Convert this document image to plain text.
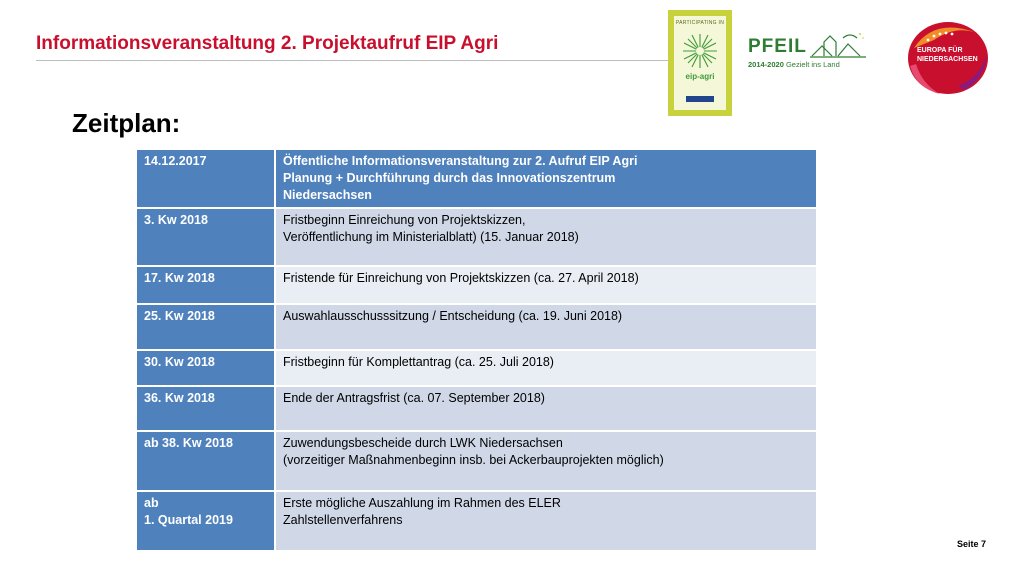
Informationsveranstaltung 2. Projektaufruf EIP Agri
PARTICIPATING IN
eip-agri
PFEIL
2014-2020 Gezielt ins Land
EUROPA FÜR
NIEDERSACHSEN
Zeitplan:
14.12.2017	Öffentliche Informationsveranstaltung zur 2. Aufruf EIP Agri
Planung + Durchführung durch das Innovationszentrum
Niedersachsen

3. Kw 2018	Fristbeginn Einreichung von Projektskizzen,
Veröffentlichung im Ministerialblatt) (15. Januar 2018)

17. Kw 2018	Fristende für Einreichung von Projektskizzen (ca. 27. April 2018)

25. Kw 2018	Auswahlausschusssitzung / Entscheidung (ca. 19. Juni 2018)

30. Kw 2018	Fristbeginn für Komplettantrag (ca. 25. Juli 2018)

36. Kw 2018	Ende der Antragsfrist (ca. 07. September 2018)

ab 38. Kw 2018	Zuwendungsbescheide durch LWK Niedersachsen
(vorzeitiger Maßnahmenbeginn insb. bei Ackerbauprojekten möglich)

ab
1. Quartal 2019	Erste mögliche Auszahlung im Rahmen des ELER
Zahlstellenverfahrens
Seite 7
